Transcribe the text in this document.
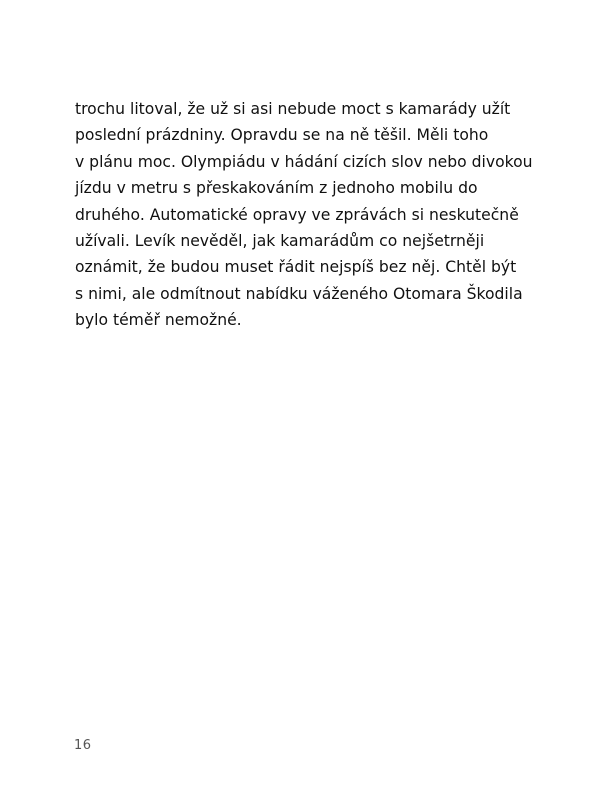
trochu litoval, že už si asi nebude moct s kamarády užít
poslední prázdniny. Opravdu se na ně těšil. Měli toho
v plánu moc. Olympiádu v hádání cizích slov nebo divokou
jízdu v metru s přeskakováním z jednoho mobilu do
druhého. Automatické opravy ve zprávách si neskutečně
užívali. Levík nevěděl, jak kamarádům co nejšetrněji
oznámit, že budou muset řádit nejspíš bez něj. Chtěl být
s nimi, ale odmítnout nabídku váženého Otomara Škodila
bylo téměř nemožné.
16
